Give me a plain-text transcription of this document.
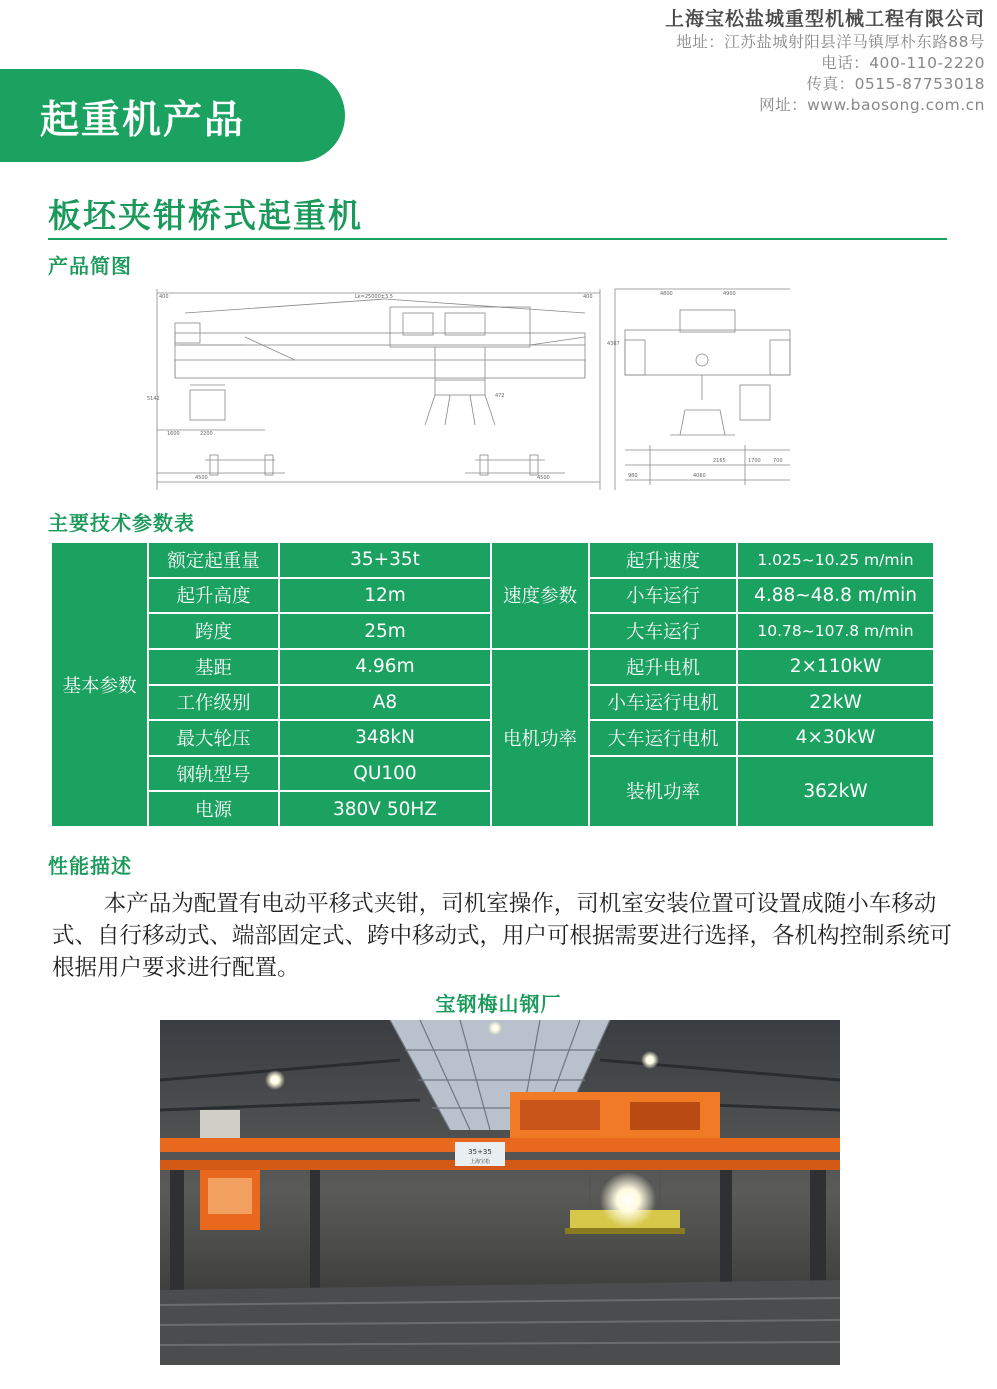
上海宝松盐城重型机械工程有限公司
地址：江苏盐城射阳县洋马镇厚朴东路88号
电话：400-110-2220
传真：0515-87753018
网址：www.baosong.com.cn
起重机产品
板坯夹钳桥式起重机
产品简图
400	Lk=25000±3.5	400
1600	2200
4500	4500
5142	472
4800	4900
4367
2165	1700 700
4060
980
主要技术参数表
基本参数	额定起重量	35+35t	速度参数	起升速度	1.025~10.25 m/min
	起升高度	12m		小车运行	4.88~48.8 m/min
	跨度	25m		大车运行	10.78~107.8 m/min
	基距	4.96m	电机功率	起升电机	2×110kW
	工作级别	A8		小车运行电机	22kW
	最大轮压	348kN		大车运行电机	4×30kW
	钢轨型号	QU100		装机功率	362kW
	电源	380V 50HZ			
性能描述

本产品为配置有电动平移式夹钳，司机室操作，司机室安装位置可设置成随小车移动式、自行移动式、端部固定式、跨中移动式，用户可根据需要进行选择，各机构控制系统可根据用户要求进行配置。

宝钢梅山钢厂
35+35
上海宝松
